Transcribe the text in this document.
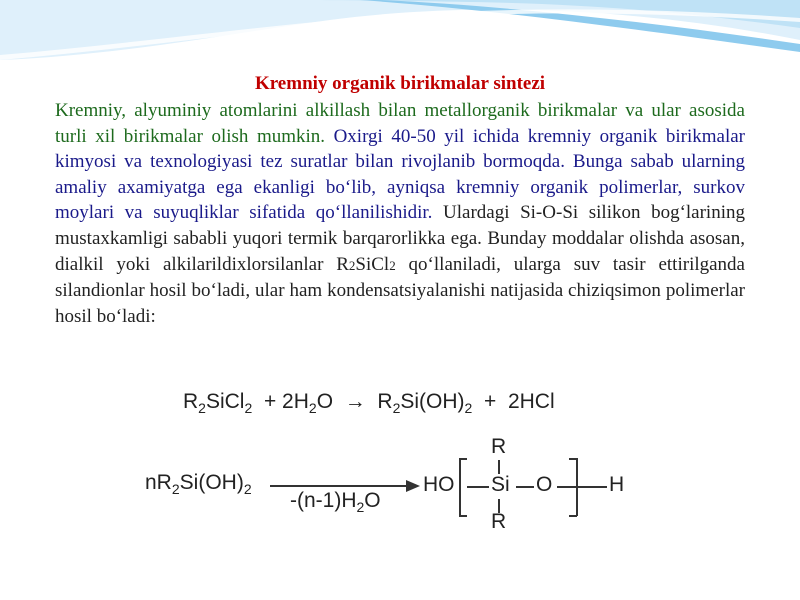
Kremniy organik birikmalar sintezi
Kremniy, alyuminiy atomlarini alkillash bilan metallorganik birikmalar va ular asosida turli xil birikmalar olish mumkin. Oxirgi 40-50 yil ichida kremniy organik birikmalar kimyosi va texnologiyasi tez suratlar bilan rivojlanib bormoqda. Bunga sabab ularning amaliy axamiyatga ega ekanligi bo‘lib, ayniqsa kremniy organik polimerlar, surkov moylari va suyuqliklar sifatida qo‘llanilishidir. Ulardagi Si-O-Si silikon bog‘larining mustaxkamligi sababli yuqori termik barqarorlikka ega. Bunday moddalar olishda asosan, dialkil yoki alkilarildixlorsilanlar R2SiCl2 qo‘llaniladi, ularga suv tasir ettirilganda silandionlar hosil bo‘ladi, ular ham kondensatsiyalanishi natijasida chiziqsimon polimerlar hosil bo‘ladi:
$R_2SiCl_2 + 2H_2O \to R_2Si(OH)_2 + 2HCl$
$nR_2Si(OH)_2$ $-(n-1)H_2O$
HO
R
Si
R
O	H
